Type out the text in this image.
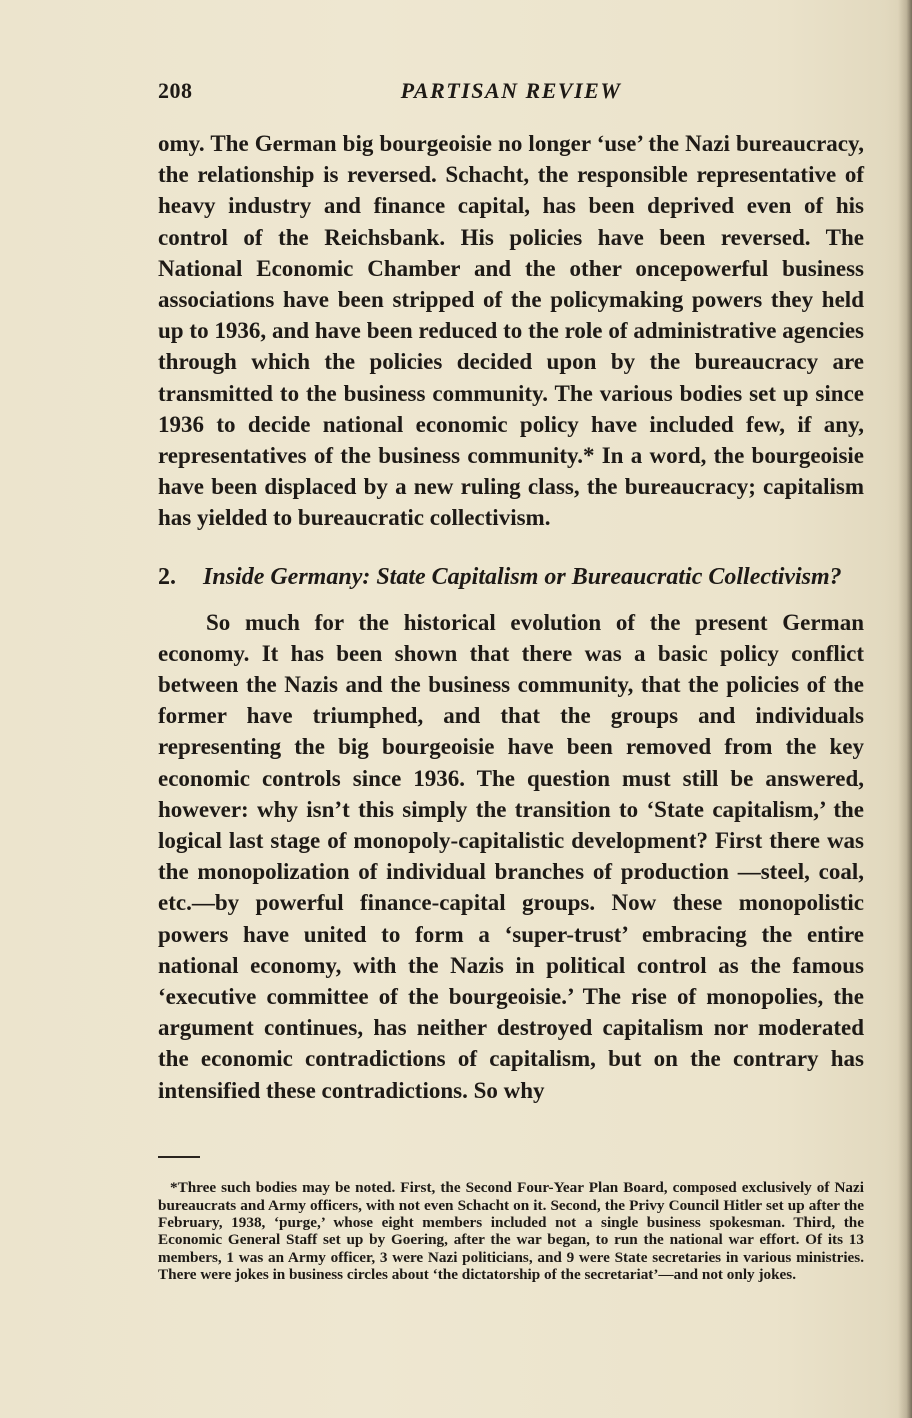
208	PARTISAN REVIEW

omy. The German big bourgeoisie no longer ‘use’ the Nazi bureaucracy, the relationship is reversed. Schacht, the responsible representative of heavy industry and finance capital, has been deprived even of his control of the Reichsbank. His policies have been reversed. The National Economic Chamber and the other oncepowerful business associations have been stripped of the policymaking powers they held up to 1936, and have been reduced to the role of administrative agencies through which the policies decided upon by the bureaucracy are transmitted to the business community. The various bodies set up since 1936 to decide national economic policy have included few, if any, representatives of the business community.* In a word, the bourgeoisie have been displaced by a new ruling class, the bureaucracy; capitalism has yielded to bureaucratic collectivism.

2.	Inside Germany: State Capitalism or Bureaucratic Collectivism?

So much for the historical evolution of the present German economy. It has been shown that there was a basic policy conflict between the Nazis and the business community, that the policies of the former have triumphed, and that the groups and individuals representing the big bourgeoisie have been removed from the key economic controls since 1936. The question must still be answered, however: why isn’t this simply the transition to ‘State capitalism,’ the logical last stage of monopoly-capitalistic development? First there was the monopolization of individual branches of production —steel, coal, etc.—by powerful finance-capital groups. Now these monopolistic powers have united to form a ‘super-trust’ embracing the entire national economy, with the Nazis in political control as the famous ‘executive committee of the bourgeoisie.’ The rise of monopolies, the argument continues, has neither destroyed capitalism nor moderated the economic contradictions of capitalism, but on the contrary has intensified these contradictions. So why

*Three such bodies may be noted. First, the Second Four-Year Plan Board, composed exclusively of Nazi bureaucrats and Army officers, with not even Schacht on it. Second, the Privy Council Hitler set up after the February, 1938, ‘purge,’ whose eight members included not a single business spokesman. Third, the Economic General Staff set up by Goering, after the war began, to run the national war effort. Of its 13 members, 1 was an Army officer, 3 were Nazi politicians, and 9 were State secretaries in various ministries. There were jokes in business circles about ‘the dictatorship of the secretariat’—and not only jokes.
